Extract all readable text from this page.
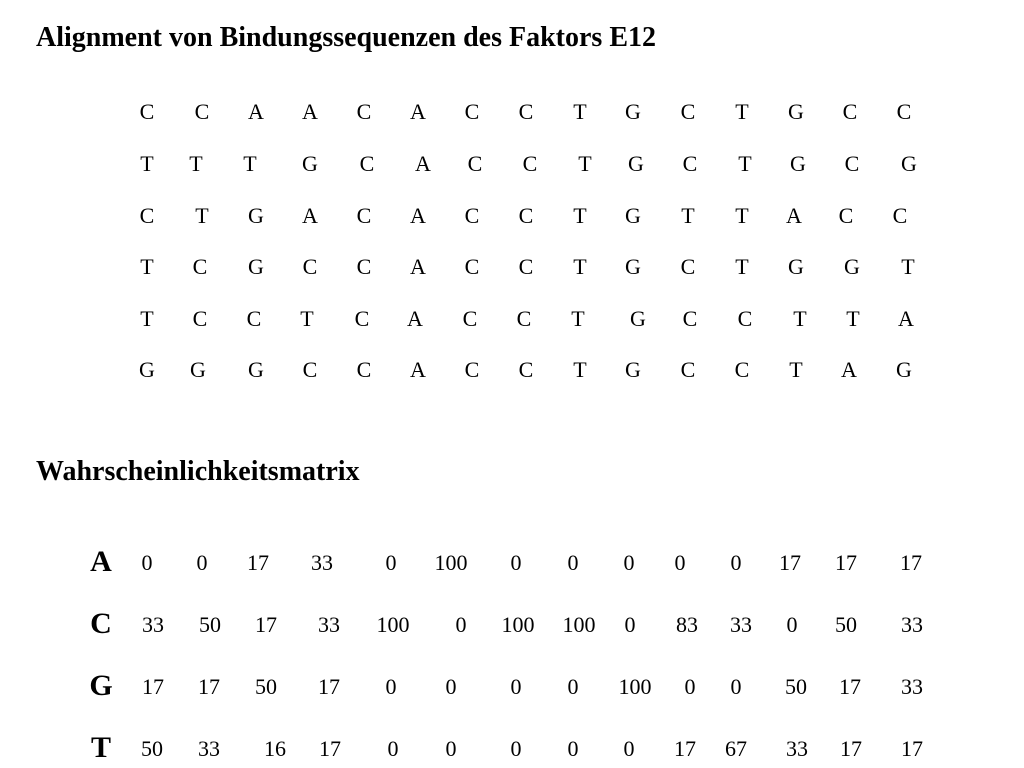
Alignment von Bindungssequenzen des Faktors E12
C	C	A	A	C	A	C	C	T	G	C	T	G	C	C
T	T	T	G	C	A	C	C	T	G	C	T	G	C	G
C	T	G	A	C	A	C	C	T	G	T	T	A	C	C
T	C	G	C	C	A	C	C	T	G	C	T	G	G	T
T	C	C	T	C	A	C	C	T	G	C	C	T	T	A
G	G	G	C	C	A	C	C	T	G	C	C	T	A	G
Wahrscheinlichkeitsmatrix
A	0	0	17	33	0	100	0	0	0	0	0	17	17	17
C	33	50	17	33	100	0	100	100	0	83	33	0	50	33
G	17	17	50	17	0	0	0	0	100	0	0	50	17	33
T	50	33	16	17	0	0	0	0	0	17	67	33	17	17
